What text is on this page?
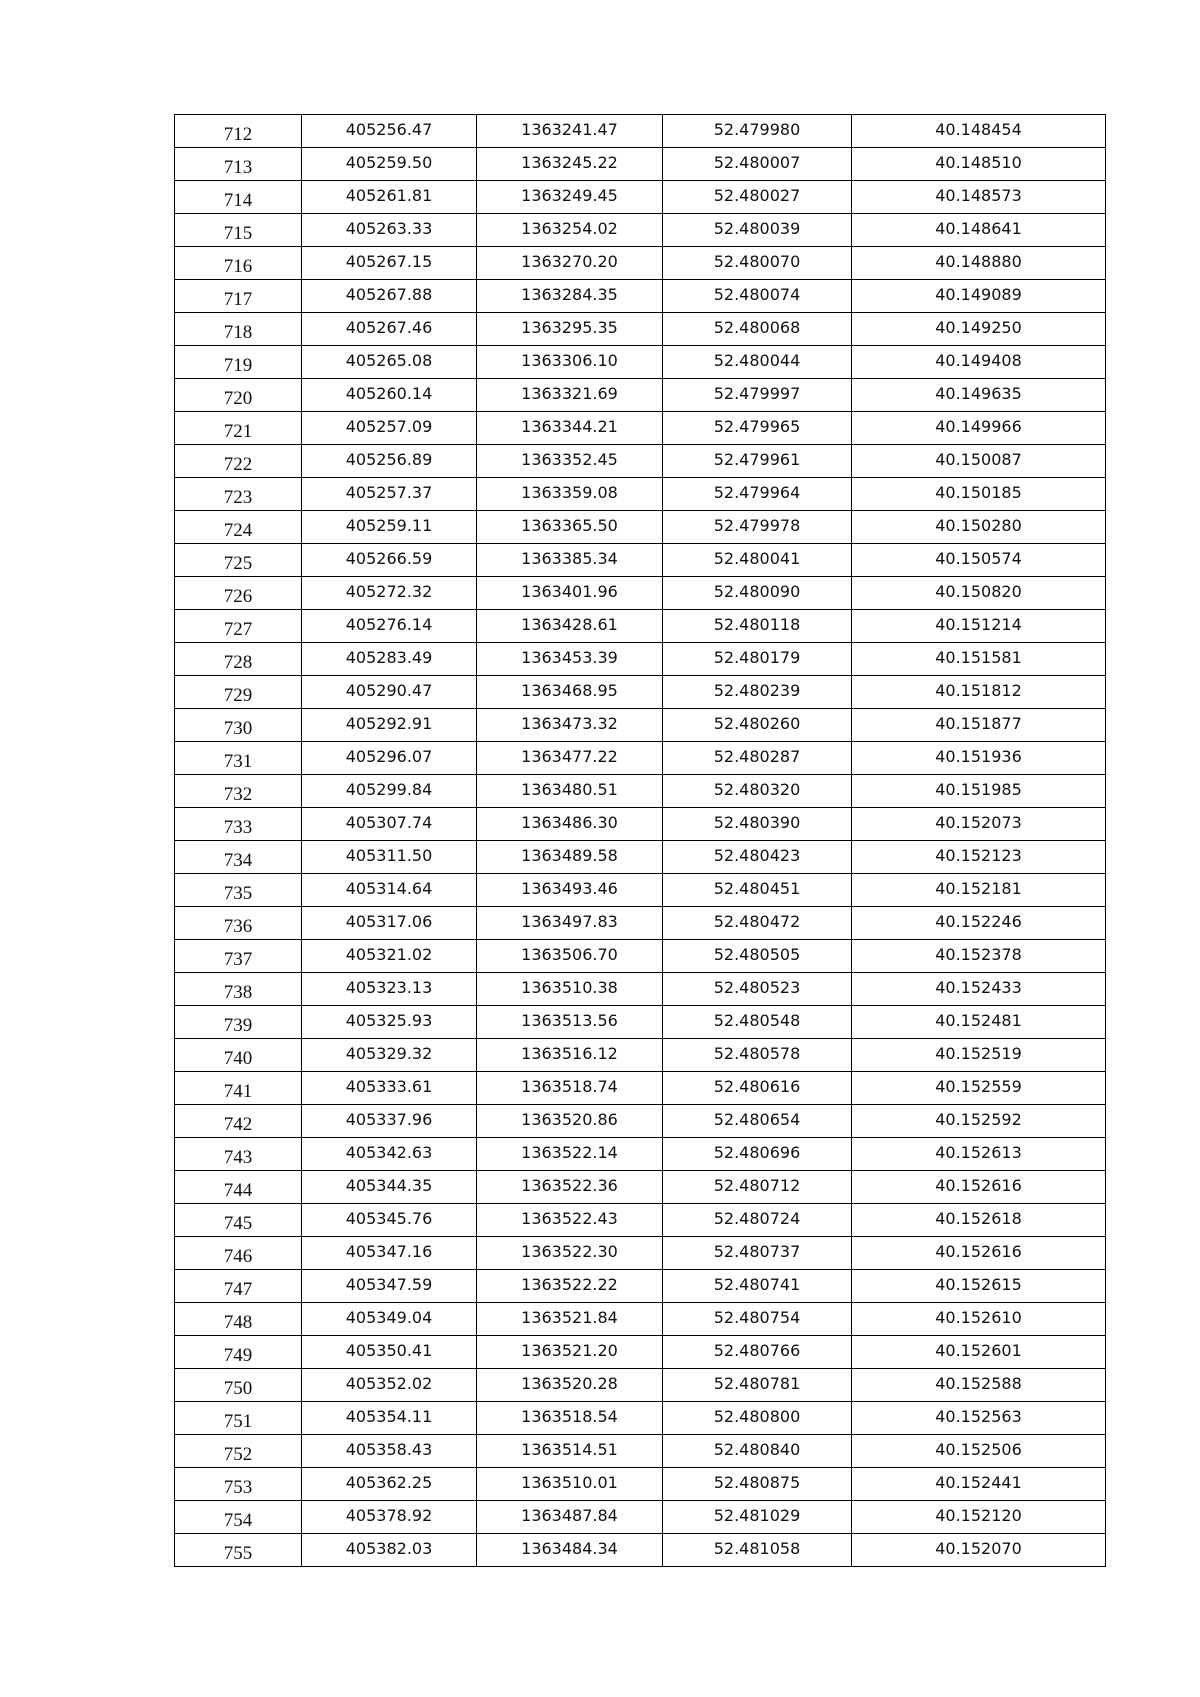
712	405256.47	1363241.47	52.479980	40.148454
713	405259.50	1363245.22	52.480007	40.148510
714	405261.81	1363249.45	52.480027	40.148573
715	405263.33	1363254.02	52.480039	40.148641
716	405267.15	1363270.20	52.480070	40.148880
717	405267.88	1363284.35	52.480074	40.149089
718	405267.46	1363295.35	52.480068	40.149250
719	405265.08	1363306.10	52.480044	40.149408
720	405260.14	1363321.69	52.479997	40.149635
721	405257.09	1363344.21	52.479965	40.149966
722	405256.89	1363352.45	52.479961	40.150087
723	405257.37	1363359.08	52.479964	40.150185
724	405259.11	1363365.50	52.479978	40.150280
725	405266.59	1363385.34	52.480041	40.150574
726	405272.32	1363401.96	52.480090	40.150820
727	405276.14	1363428.61	52.480118	40.151214
728	405283.49	1363453.39	52.480179	40.151581
729	405290.47	1363468.95	52.480239	40.151812
730	405292.91	1363473.32	52.480260	40.151877
731	405296.07	1363477.22	52.480287	40.151936
732	405299.84	1363480.51	52.480320	40.151985
733	405307.74	1363486.30	52.480390	40.152073
734	405311.50	1363489.58	52.480423	40.152123
735	405314.64	1363493.46	52.480451	40.152181
736	405317.06	1363497.83	52.480472	40.152246
737	405321.02	1363506.70	52.480505	40.152378
738	405323.13	1363510.38	52.480523	40.152433
739	405325.93	1363513.56	52.480548	40.152481
740	405329.32	1363516.12	52.480578	40.152519
741	405333.61	1363518.74	52.480616	40.152559
742	405337.96	1363520.86	52.480654	40.152592
743	405342.63	1363522.14	52.480696	40.152613
744	405344.35	1363522.36	52.480712	40.152616
745	405345.76	1363522.43	52.480724	40.152618
746	405347.16	1363522.30	52.480737	40.152616
747	405347.59	1363522.22	52.480741	40.152615
748	405349.04	1363521.84	52.480754	40.152610
749	405350.41	1363521.20	52.480766	40.152601
750	405352.02	1363520.28	52.480781	40.152588
751	405354.11	1363518.54	52.480800	40.152563
752	405358.43	1363514.51	52.480840	40.152506
753	405362.25	1363510.01	52.480875	40.152441
754	405378.92	1363487.84	52.481029	40.152120
755	405382.03	1363484.34	52.481058	40.152070
